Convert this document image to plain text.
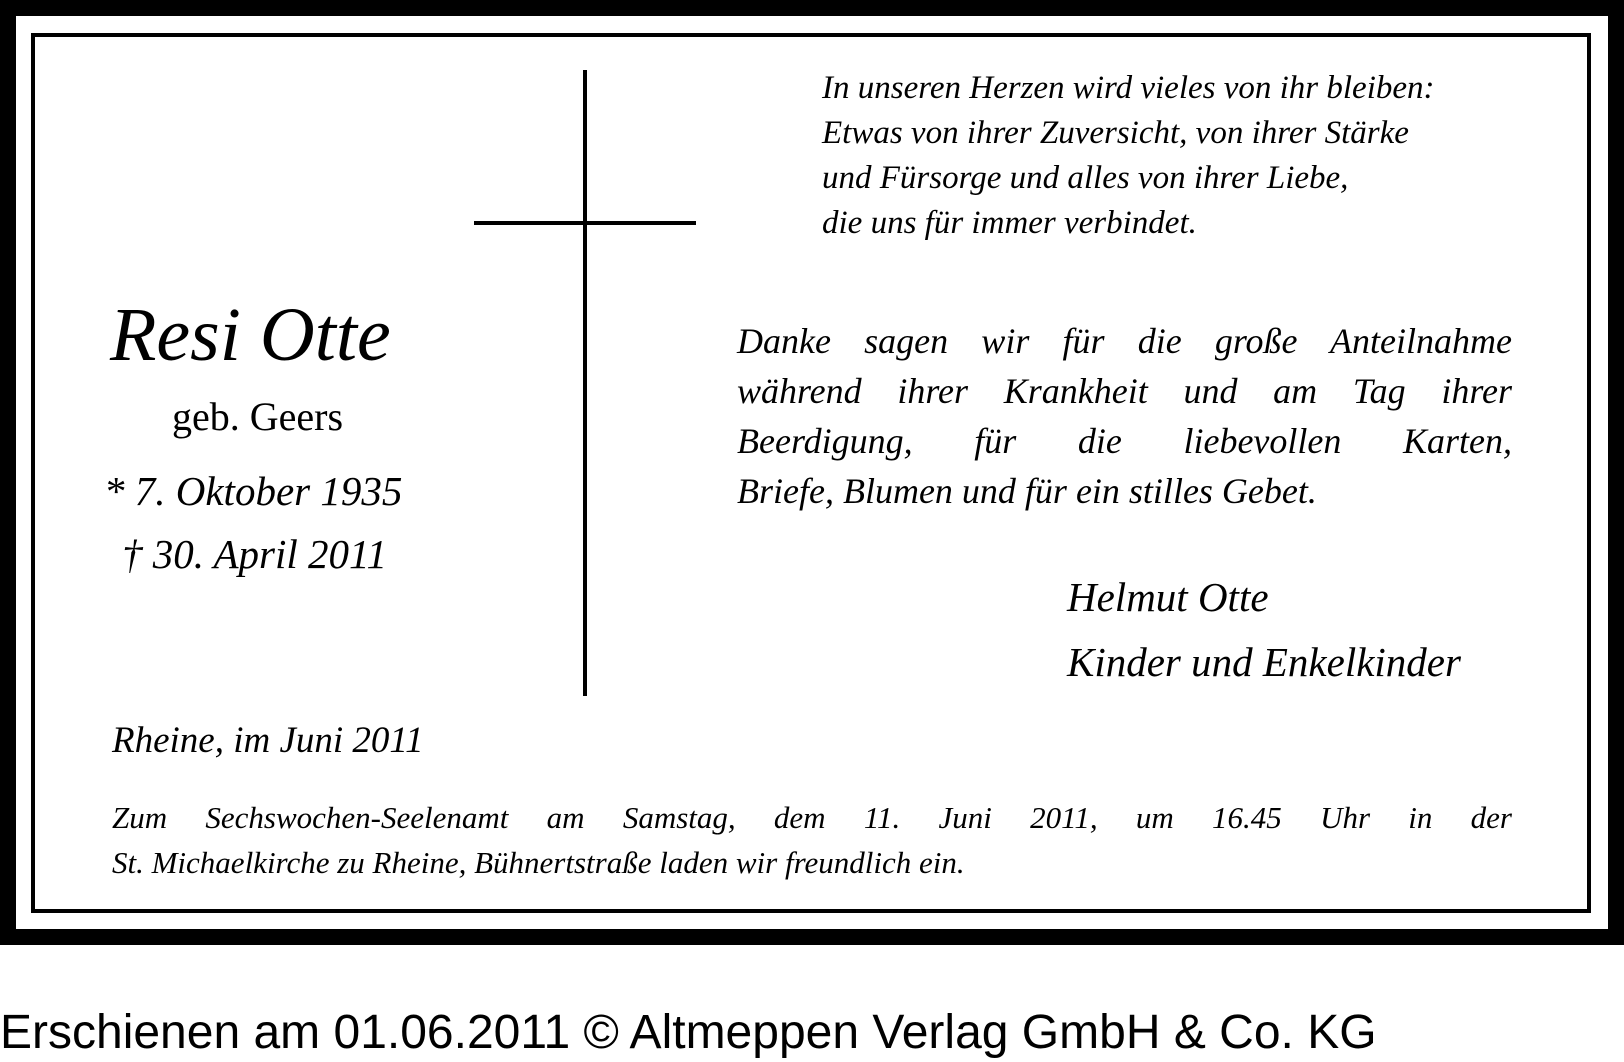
In unseren Herzen wird vieles von ihr bleiben:
Etwas von ihrer Zuversicht, von ihrer Stärke
und Fürsorge und alles von ihrer Liebe,
die uns für immer verbindet.
Resi Otte
geb. Geers
* 7. Oktober 1935
† 30. April 2011
Danke sagen wir für die große Anteilnahme
während ihrer Krankheit und am Tag ihrer
Beerdigung, für die liebevollen Karten,
Briefe, Blumen und für ein stilles Gebet.
Helmut Otte
Kinder und Enkelkinder
Rheine, im Juni 2011
Zum Sechswochen-Seelenamt am Samstag, dem 11. Juni 2011, um 16.45 Uhr in der
St. Michaelkirche zu Rheine, Bühnertstraße laden wir freundlich ein.
Erschienen am 01.06.2011 © Altmeppen Verlag GmbH & Co. KG
